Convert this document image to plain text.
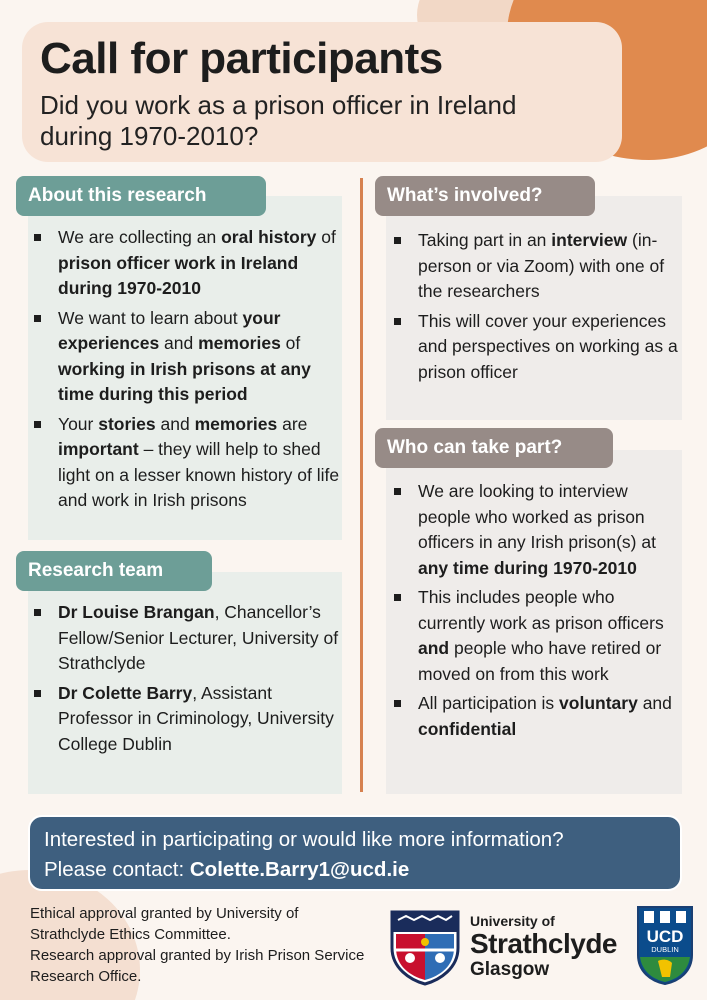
Call for participants
Did you work as a prison officer in Ireland
during 1970-2010?
About this research
We are collecting an oral history of prison officer work in Ireland during 1970-2010
We want to learn about your experiences and memories of working in Irish prisons at any time during this period
Your stories and memories are important – they will help to shed light on a lesser known history of life and work in Irish prisons
Research team
Dr Louise Brangan, Chancellor’s Fellow/Senior Lecturer, University of Strathclyde
Dr Colette Barry, Assistant Professor in Criminology, University College Dublin
What’s involved?
Taking part in an interview (in-person or via Zoom) with one of the researchers
This will cover your experiences and perspectives on working as a prison officer
Who can take part?
We are looking to interview people who worked as prison officers in any Irish prison(s) at any time during 1970-2010
This includes people who currently work as prison officers and people who have retired or moved on from this work
All participation is voluntary and confidential
Interested in participating or would like more information?
Please contact: Colette.Barry1@ucd.ie
Ethical approval granted by University of Strathclyde Ethics Committee.
Research approval granted by Irish Prison Service Research Office.
University of
Strathclyde
Glasgow
UCD
DUBLIN
